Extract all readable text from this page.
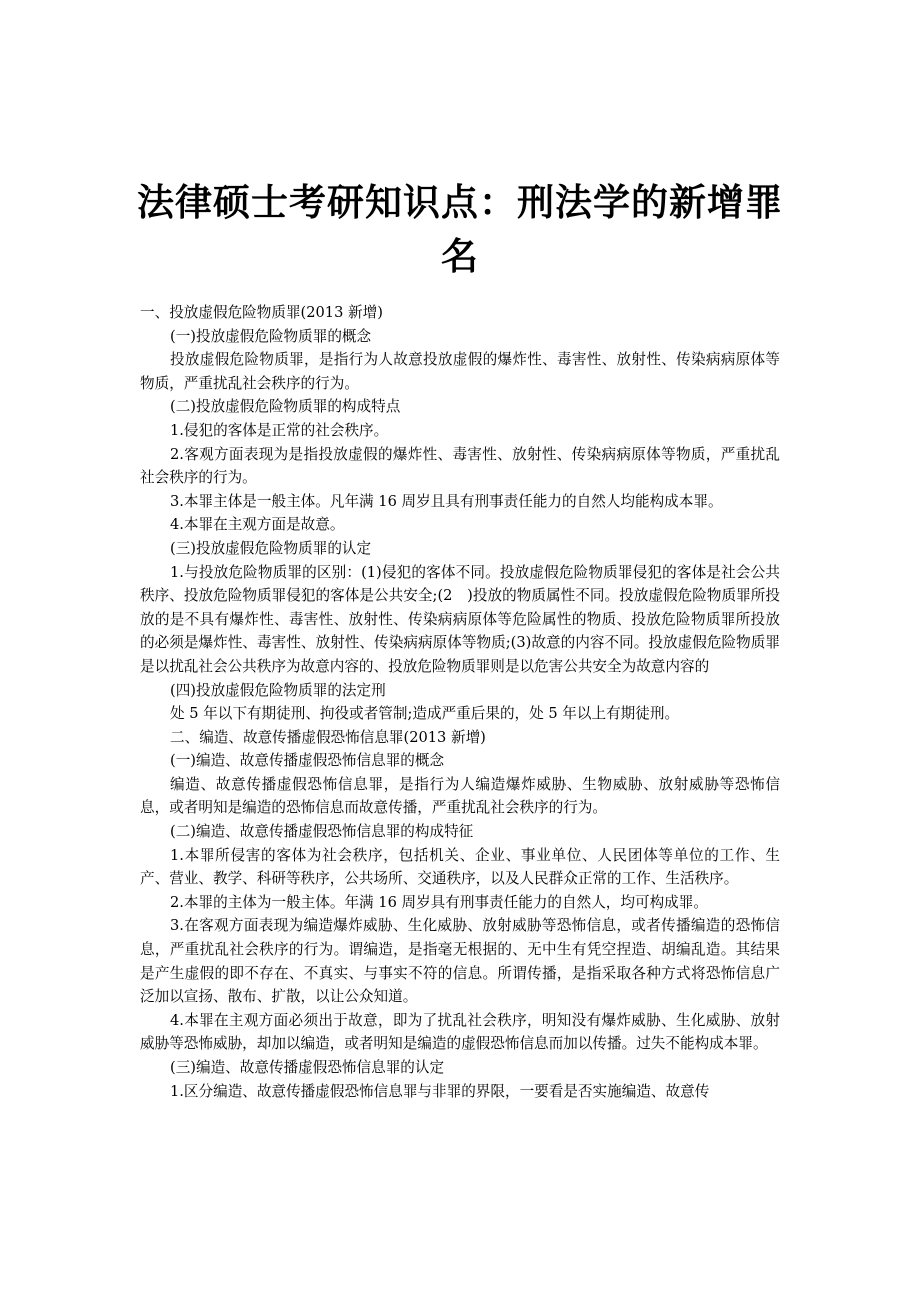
法律硕士考研知识点：刑法学的新增罪名

一、投放虚假危险物质罪(2013 新增)

(一)投放虚假危险物质罪的概念

投放虚假危险物质罪，是指行为人故意投放虚假的爆炸性、毒害性、放射性、传染病病原体等物质，严重扰乱社会秩序的行为。

(二)投放虚假危险物质罪的构成特点

1.侵犯的客体是正常的社会秩序。

2.客观方面表现为是指投放虚假的爆炸性、毒害性、放射性、传染病病原体等物质，严重扰乱社会秩序的行为。

3.本罪主体是一般主体。凡年满 16 周岁且具有刑事责任能力的自然人均能构成本罪。

4.本罪在主观方面是故意。

(三)投放虚假危险物质罪的认定

1.与投放危险物质罪的区别：(1)侵犯的客体不同。投放虚假危险物质罪侵犯的客体是社会公共秩序、投放危险物质罪侵犯的客体是公共安全;(2　)投放的物质属性不同。投放虚假危险物质罪所投放的是不具有爆炸性、毒害性、放射性、传染病病原体等危险属性的物质、投放危险物质罪所投放的必须是爆炸性、毒害性、放射性、传染病病原体等物质;(3)故意的内容不同。投放虚假危险物质罪是以扰乱社会公共秩序为故意内容的、投放危险物质罪则是以危害公共安全为故意内容的

(四)投放虚假危险物质罪的法定刑

处 5 年以下有期徒刑、拘役或者管制;造成严重后果的，处 5 年以上有期徒刑。

二、编造、故意传播虚假恐怖信息罪(2013 新增)

(一)编造、故意传播虚假恐怖信息罪的概念

编造、故意传播虚假恐怖信息罪，是指行为人编造爆炸威胁、生物威胁、放射威胁等恐怖信息，或者明知是编造的恐怖信息而故意传播，严重扰乱社会秩序的行为。

(二)编造、故意传播虚假恐怖信息罪的构成特征

1.本罪所侵害的客体为社会秩序，包括机关、企业、事业单位、人民团体等单位的工作、生产、营业、教学、科研等秩序，公共场所、交通秩序，以及人民群众正常的工作、生活秩序。

2.本罪的主体为一般主体。年满 16 周岁具有刑事责任能力的自然人，均可构成罪。

3.在客观方面表现为编造爆炸威胁、生化威胁、放射威胁等恐怖信息，或者传播编造的恐怖信息，严重扰乱社会秩序的行为。谓编造，是指毫无根据的、无中生有凭空捏造、胡编乱造。其结果是产生虚假的即不存在、不真实、与事实不符的信息。所谓传播，是指采取各种方式将恐怖信息广泛加以宣扬、散布、扩散，以让公众知道。

4.本罪在主观方面必须出于故意，即为了扰乱社会秩序，明知没有爆炸威胁、生化威胁、放射威胁等恐怖威胁，却加以编造，或者明知是编造的虚假恐怖信息而加以传播。过失不能构成本罪。

(三)编造、故意传播虚假恐怖信息罪的认定

1.区分编造、故意传播虚假恐怖信息罪与非罪的界限，一要看是否实施编造、故意传
